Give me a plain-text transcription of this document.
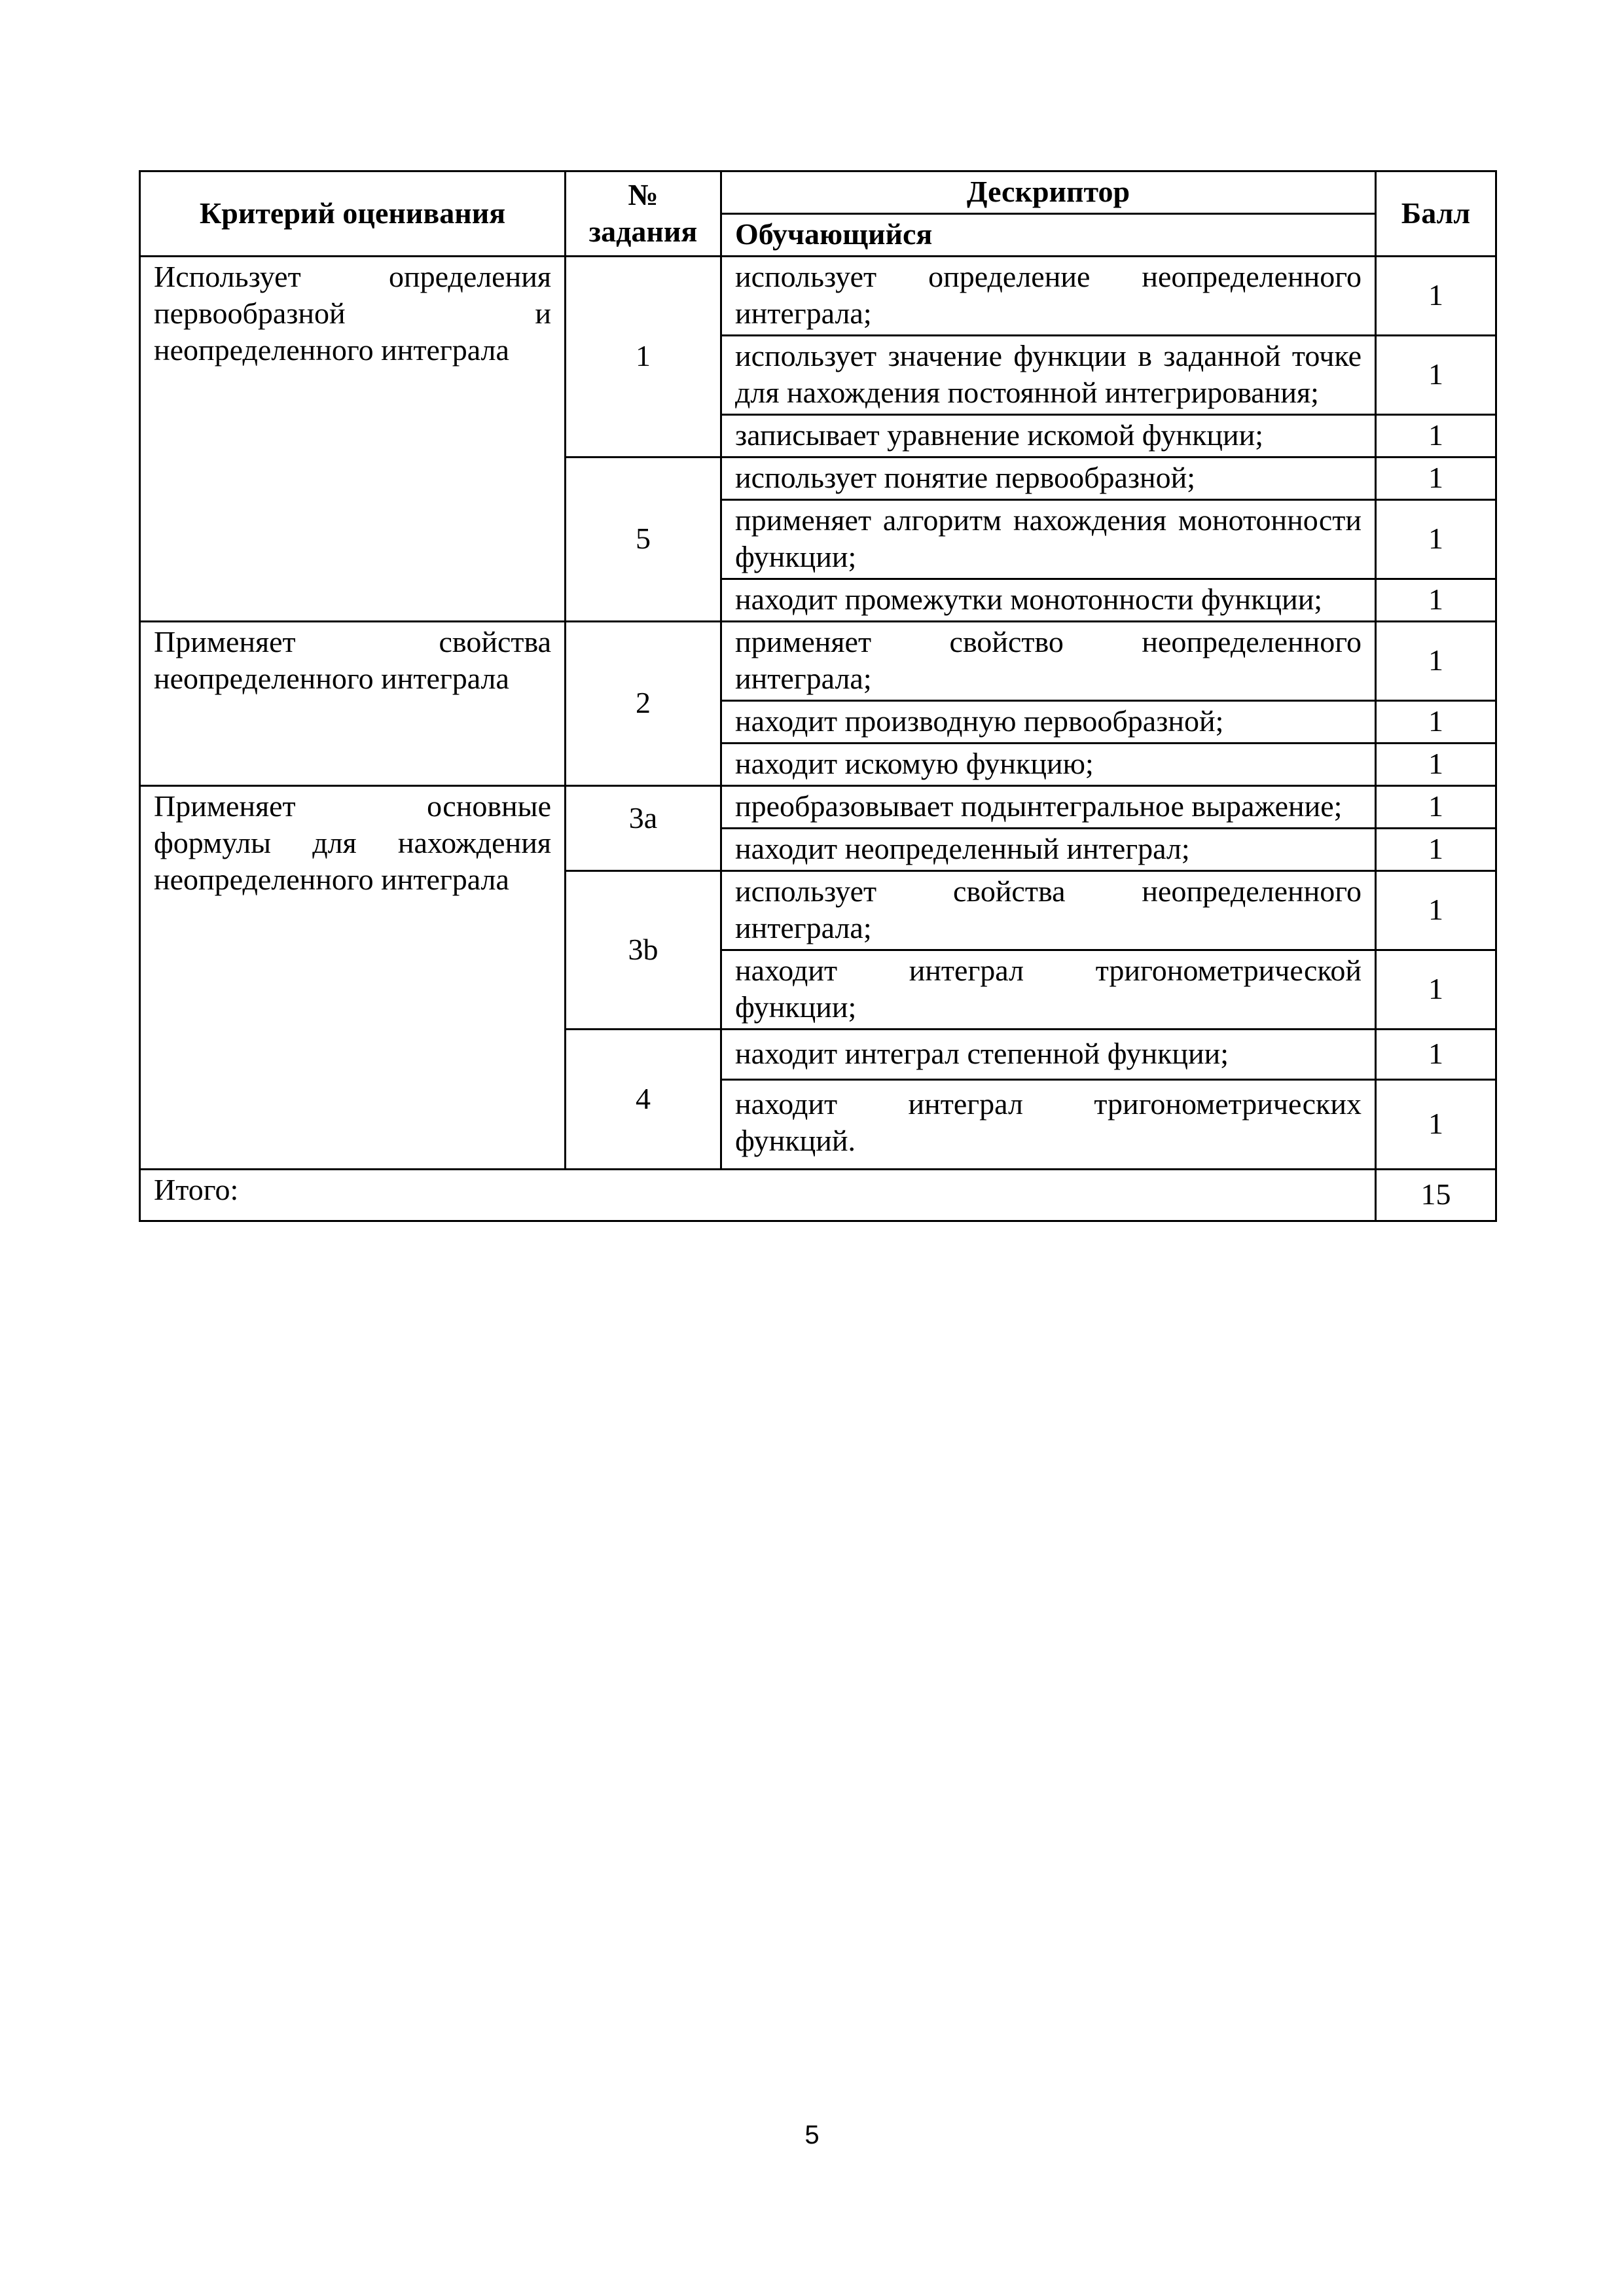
Критерий оценивания	№ задания	Дескриптор	Балл
		Обучающийся	
Использует определения первообразной и неопределенного интеграла	1	использует определение неопределенного интеграла;	1
		использует значение функции в заданной точке для нахождения постоянной интегрирования;	1
		записывает уравнение искомой функции;	1
	5	использует понятие первообразной;	1
		применяет алгоритм нахождения монотонности функции;	1
		находит промежутки монотонности функции;	1
Применяет свойства неопределенного интеграла	2	применяет свойство неопределенного интеграла;	1
		находит производную первообразной;	1
		находит искомую функцию;	1
Применяет основные формулы для нахождения неопределенного интеграла	3a	преобразовывает подынтегральное выражение;	1
		находит неопределенный интеграл;	1
	3b	использует свойства неопределенного интеграла;	1
		находит интеграл тригонометрической функции;	1
	4	находит интеграл степенной функции;	1
		находит интеграл тригонометрических функций.	1
Итого:			15
5
